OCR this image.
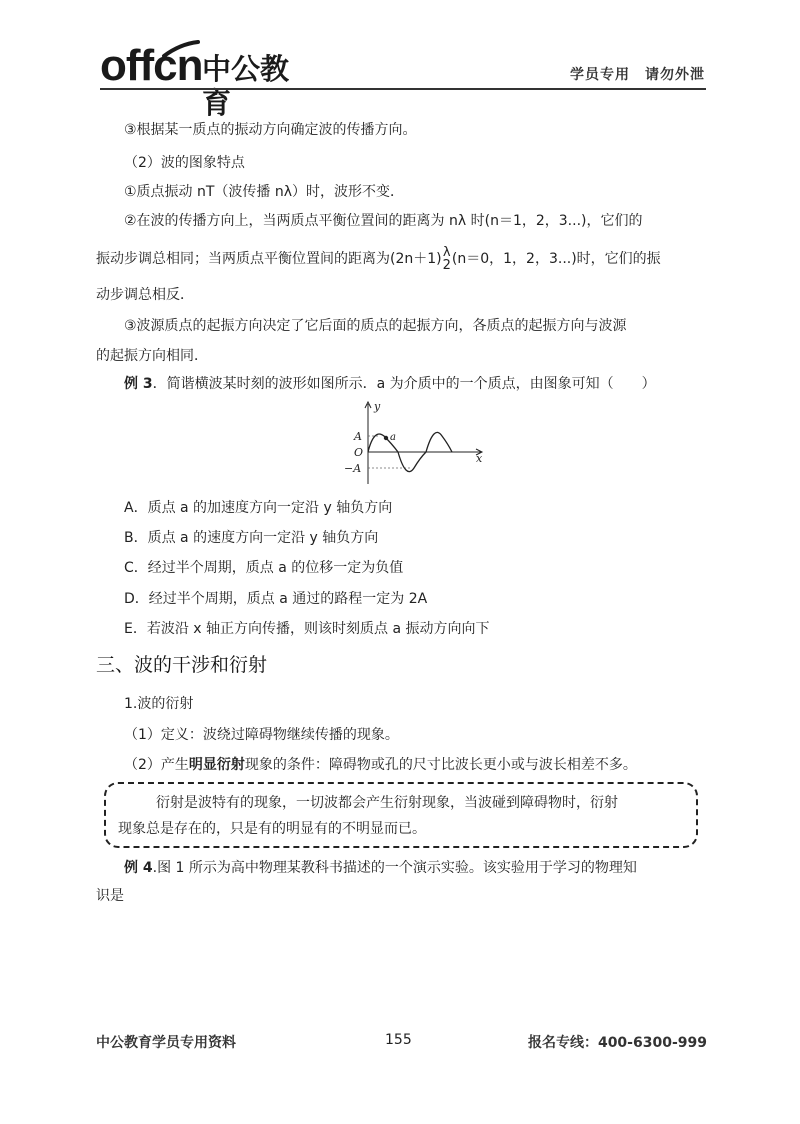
offcn 中公教育
学员专用　请勿外泄
③根据某一质点的振动方向确定波的传播方向。
（2）波的图象特点
①质点振动 nT（波传播 nλ）时，波形不变．
②在波的传播方向上，当两质点平衡位置间的距离为 nλ 时(n＝1，2，3...)，它们的
振动步调总相同；当两质点平衡位置间的距离为(2n＋1) λ
2 (n＝0，1，2，3...)时，它们的振
动步调总相反．
③波源质点的起振方向决定了它后面的质点的起振方向，各质点的起振方向与波源
的起振方向相同．
例 3．简谐横波某时刻的波形如图所示．a 为介质中的一个质点，由图象可知（　　）
y
x
A
O
−A
a
A．质点 a 的加速度方向一定沿 y 轴负方向
B．质点 a 的速度方向一定沿 y 轴负方向
C．经过半个周期，质点 a 的位移一定为负值
D．经过半个周期，质点 a 通过的路程一定为 2A
E．若波沿 x 轴正方向传播，则该时刻质点 a 振动方向向下
三、波的干涉和衍射
1.波的衍射
（1）定义：波绕过障碍物继续传播的现象。
（2）产生明显衍射现象的条件：障碍物或孔的尺寸比波长更小或与波长相差不多。
衍射是波特有的现象，一切波都会产生衍射现象，当波碰到障碍物时，衍射
现象总是存在的，只是有的明显有的不明显而已。
例 4.图 1 所示为高中物理某教科书描述的一个演示实验。该实验用于学习的物理知
识是
中公教育学员专用资料	155	报名专线：400-6300-999
